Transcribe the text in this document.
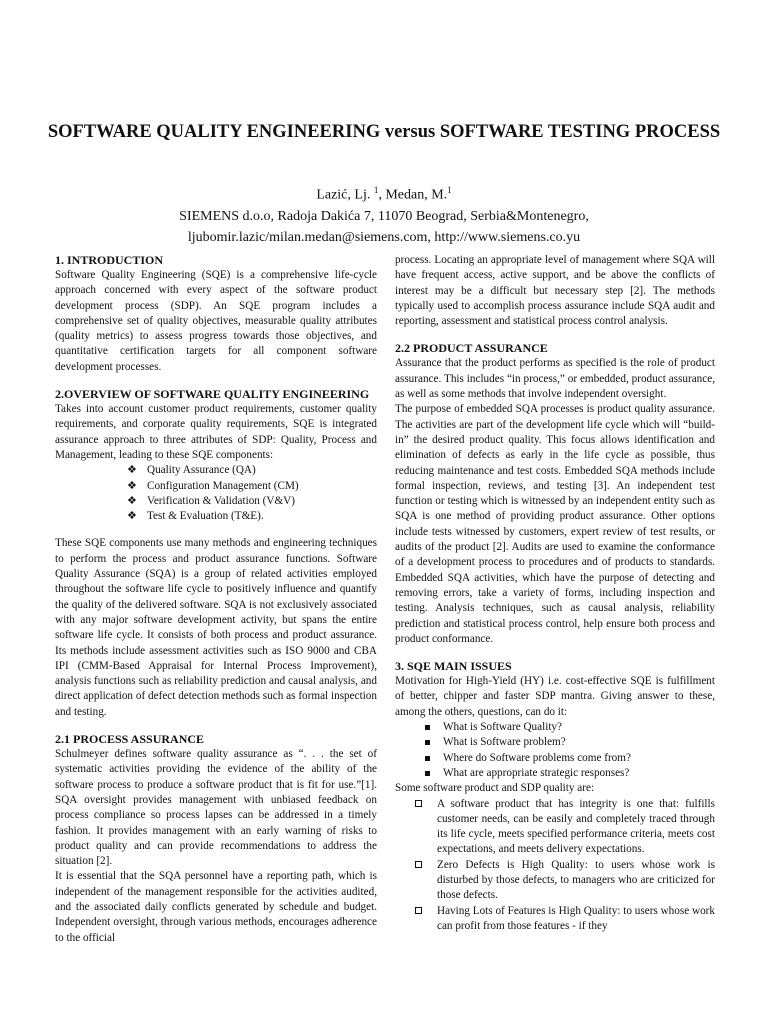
SOFTWARE QUALITY ENGINEERING versus SOFTWARE TESTING PROCESS
Lazić, Lj. $^1$, Medan, M.$^1$
SIEMENS d.o.o, Radoja Dakića 7, 11070 Beograd, Serbia&Montenegro,
ljubomir.lazic/milan.medan@siemens.com, http://www.siemens.co.yu
1. INTRODUCTION

Software Quality Engineering (SQE) is a comprehensive life-cycle approach concerned with every aspect of the software product development process (SDP). An SQE program includes a comprehensive set of quality objectives, measurable quality attributes (quality metrics) to assess progress towards those objectives, and quantitative certification targets for all component software development processes.

2.OVERVIEW OF SOFTWARE QUALITY ENGINEERING

Takes into account customer product requirements, customer quality requirements, and corporate quality requirements, SQE is integrated assurance approach to three attributes of SDP: Quality, Process and Management, leading to these SQE components:

❖ Quality Assurance (QA)
❖ Configuration Management (CM)
❖ Verification & Validation (V&V)
❖ Test & Evaluation (T&E).

These SQE components use many methods and engineering techniques to perform the process and product assurance functions. Software Quality Assurance (SQA) is a group of related activities employed throughout the software life cycle to positively influence and quantify the quality of the delivered software. SQA is not exclusively associated with any major software development activity, but spans the entire software life cycle. It consists of both process and product assurance. Its methods include assessment activities such as ISO 9000 and CBA IPI (CMM-Based Appraisal for Internal Process Improvement), analysis functions such as reliability prediction and causal analysis, and direct application of defect detection methods such as formal inspection and testing.

2.1 PROCESS ASSURANCE

Schulmeyer defines software quality assurance as “. . . the set of systematic activities providing the evidence of the ability of the software process to produce a software product that is fit for use.”[1]. SQA oversight provides management with unbiased feedback on process compliance so process lapses can be addressed in a timely fashion. It provides management with an early warning of risks to product quality and can provide recommendations to address the situation [2].

It is essential that the SQA personnel have a reporting path, which is independent of the management responsible for the activities audited, and the associated daily conflicts generated by schedule and budget. Independent oversight, through various methods, encourages adherence to the official

process. Locating an appropriate level of management where SQA will have frequent access, active support, and be above the conflicts of interest may be a difficult but necessary step [2]. The methods typically used to accomplish process assurance include SQA audit and reporting, assessment and statistical process control analysis.

2.2 PRODUCT ASSURANCE

Assurance that the product performs as specified is the role of product assurance. This includes “in process,” or embedded, product assurance, as well as some methods that involve independent oversight.

The purpose of embedded SQA processes is product quality assurance. The activities are part of the development life cycle which will “build-in” the desired product quality. This focus allows identification and elimination of defects as early in the life cycle as possible, thus reducing maintenance and test costs. Embedded SQA methods include formal inspection, reviews, and testing [3]. An independent test function or testing which is witnessed by an independent entity such as SQA is one method of providing product assurance. Other options include tests witnessed by customers, expert review of test results, or audits of the product [2]. Audits are used to examine the conformance of a development process to procedures and of products to standards. Embedded SQA activities, which have the purpose of detecting and removing errors, take a variety of forms, including inspection and testing. Analysis techniques, such as causal analysis, reliability prediction and statistical process control, help ensure both process and product conformance.

3. SQE MAIN ISSUES

Motivation for High-Yield (HY) i.e. cost-effective SQE is fulfillment of better, chipper and faster SDP mantra. Giving answer to these, among the others, questions, can do it:

What is Software Quality?
What is Software problem?
Where do Software problems come from?
What are appropriate strategic responses?

Some software product and SDP quality are:

A software product that has integrity is one that: fulfills customer needs, can be easily and completely traced through its life cycle, meets specified performance criteria, meets cost expectations, and meets delivery expectations.
Zero Defects is High Quality: to users whose work is disturbed by those defects, to managers who are criticized for those defects.
Having Lots of Features is High Quality: to users whose work can profit from those features - if they
